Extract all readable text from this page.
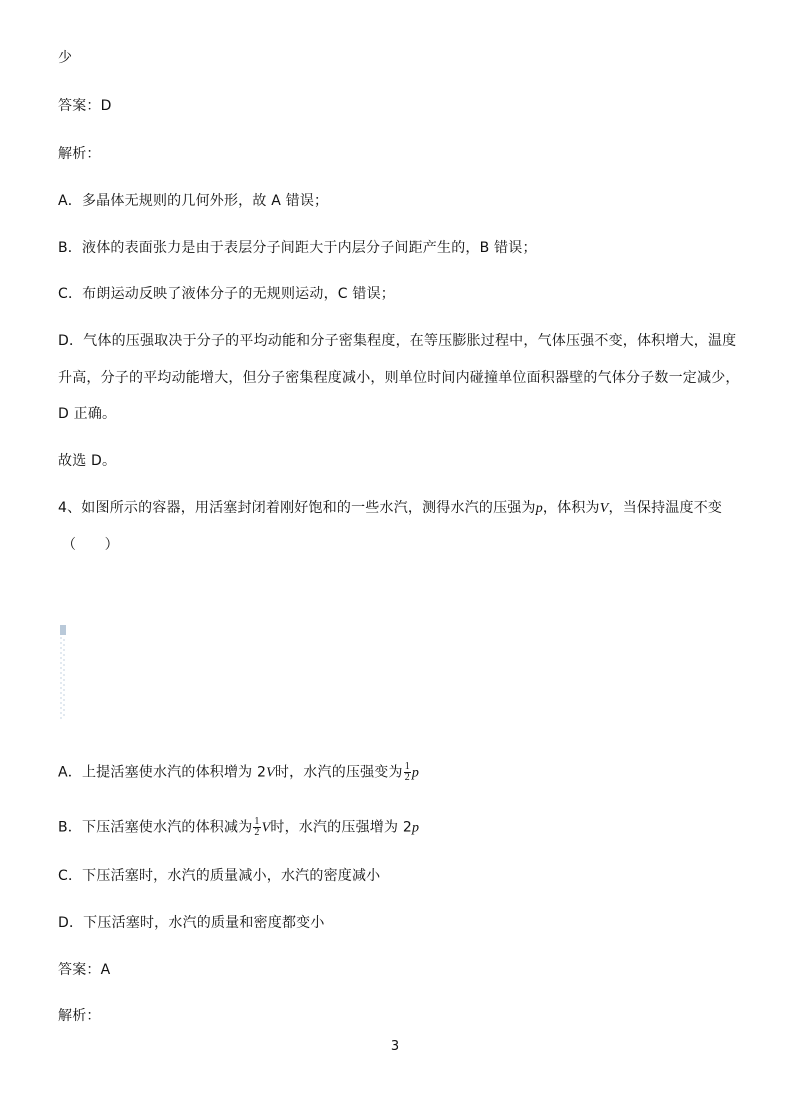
少
答案：D
解析：
A．多晶体无规则的几何外形，故 A 错误；
B．液体的表面张力是由于表层分子间距大于内层分子间距产生的，B 错误；
C．布朗运动反映了液体分子的无规则运动，C 错误；
D．气体的压强取决于分子的平均动能和分子密集程度，在等压膨胀过程中，气体压强不变，体积增大，温度
升高，分子的平均动能增大，但分子密集程度减小，则单位时间内碰撞单位面积器壁的气体分子数一定减少，
D 正确。
故选 D。
4、如图所示的容器，用活塞封闭着刚好饱和的一些水汽，测得水汽的压强为p，体积为V，当保持温度不变
（　　）
A．上提活塞使水汽的体积增为 2V时，水汽的压强变为 $\frac{1}{2}$ p
B．下压活塞使水汽的体积减为 $\frac{1}{2}$ V时，水汽的压强增为 2p
C．下压活塞时，水汽的质量减小，水汽的密度减小
D．下压活塞时，水汽的质量和密度都变小
答案：A
解析：
3
